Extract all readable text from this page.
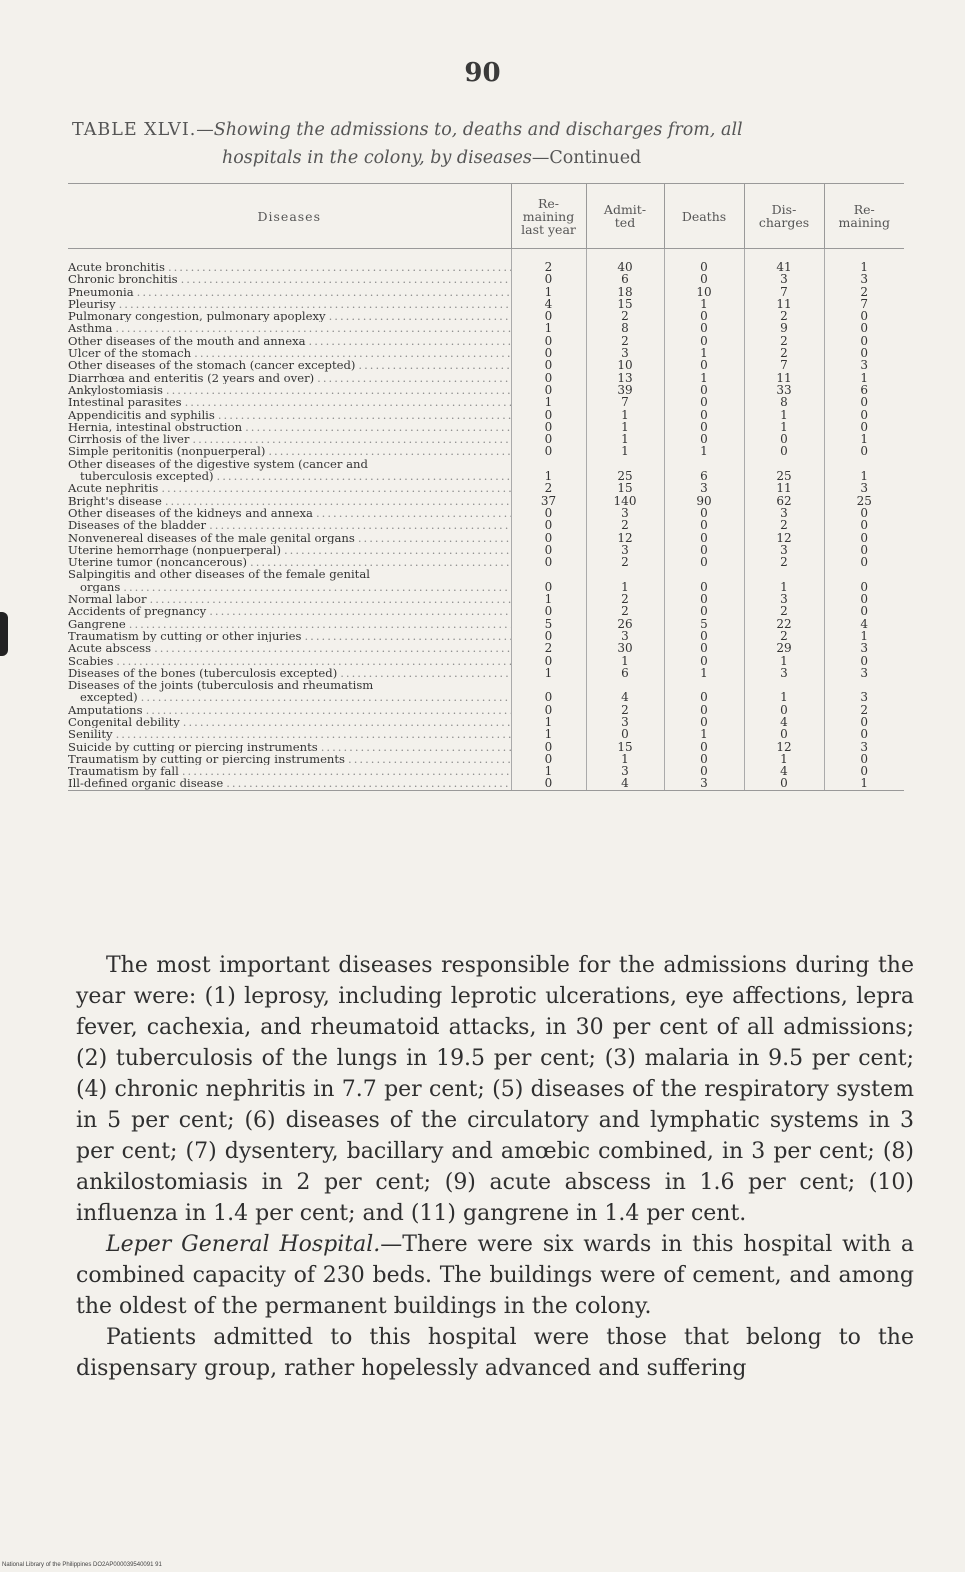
90
TABLE XLVI.—Showing the admissions to, deaths and discharges from, all
hospitals in the colony, by diseases—Continued
Diseases	Re-
maining
last year	Admit-
ted	Deaths	Dis-
charges	Re-
maining

Acute bronchitis
.....	2	40	0	41	1

Chronic bronchitis
.....	0	6	0	3	3

Pneumonia
.....	1	18	10	7	2

Pleurisy
.....	4	15	1	11	7

Pulmonary congestion, pulmonary apoplexy
.....	0	2	0	2	0

Asthma
.....	1	8	0	9	0

Other diseases of the mouth and annexa
.....	0	2	0	2	0

Ulcer of the stomach
.....	0	3	1	2	0

Other diseases of the stomach (cancer excepted)
.....	0	10	0	7	3

Diarrhœa and enteritis (2 years and over)
.....	0	13	1	11	1

Ankylostomiasis
.....	0	39	0	33	6

Intestinal parasites
.....	1	7	0	8	0

Appendicitis and syphilis
.....	0	1	0	1	0

Hernia, intestinal obstruction
.....	0	1	0	1	0

Cirrhosis of the liver
.....	0	1	0	0	1

Simple peritonitis (nonpuerperal)
.....	0	1	1	0	0
Other diseases of the digestive system (cancer and					

tuberculosis excepted)
.....	1	25	6	25	1

Acute nephritis
.....	2	15	3	11	3

Bright's disease
.....	37	140	90	62	25

Other diseases of the kidneys and annexa
.....	0	3	0	3	0

Diseases of the bladder
.....	0	2	0	2	0

Nonvenereal diseases of the male genital organs
.....	0	12	0	12	0

Uterine hemorrhage (nonpuerperal)
.....	0	3	0	3	0

Uterine tumor (noncancerous)
.....	0	2	0	2	0
Salpingitis and other diseases of the female genital					

organs
.....	0	1	0	1	0

Normal labor
.....	1	2	0	3	0

Accidents of pregnancy
.....	0	2	0	2	0

Gangrene
.....	5	26	5	22	4

Traumatism by cutting or other injuries
.....	0	3	0	2	1

Acute abscess
.....	2	30	0	29	3

Scabies
.....	0	1	0	1	0

Diseases of the bones (tuberculosis excepted)
.....	1	6	1	3	3
Diseases of the joints (tuberculosis and rheumatism					

excepted)
.....	0	4	0	1	3

Amputations
.....	0	2	0	0	2

Congenital debility
.....	1	3	0	4	0

Senility
.....	1	0	1	0	0

Suicide by cutting or piercing instruments
.....	0	15	0	12	3

Traumatism by cutting or piercing instruments
.....	0	1	0	1	0

Traumatism by fall
.....	1	3	0	4	0

Ill-defined organic disease
.....	0	4	3	0	1

The most important diseases responsible for the admissions during the year were: (1) leprosy, including leprotic ulcerations, eye affections, lepra fever, cachexia, and rheumatoid attacks, in 30 per cent of all admissions; (2) tuberculosis of the lungs in 19.5 per cent; (3) malaria in 9.5 per cent; (4) chronic nephritis in 7.7 per cent; (5) diseases of the respiratory system in 5 per cent; (6) diseases of the circulatory and lymphatic systems in 3 per cent; (7) dysentery, bacillary and amœbic combined, in 3 per cent; (8) ankilostomiasis in 2 per cent; (9) acute abscess in 1.6 per cent; (10) influenza in 1.4 per cent; and (11) gangrene in 1.4 per cent.

Leper General Hospital.—There were six wards in this hospital with a combined capacity of 230 beds. The buildings were of cement, and among the oldest of the permanent buildings in the colony.

Patients admitted to this hospital were those that belong to the dispensary group, rather hopelessly advanced and suffering

National Library of the Philippines DO2AP000039540091 91
